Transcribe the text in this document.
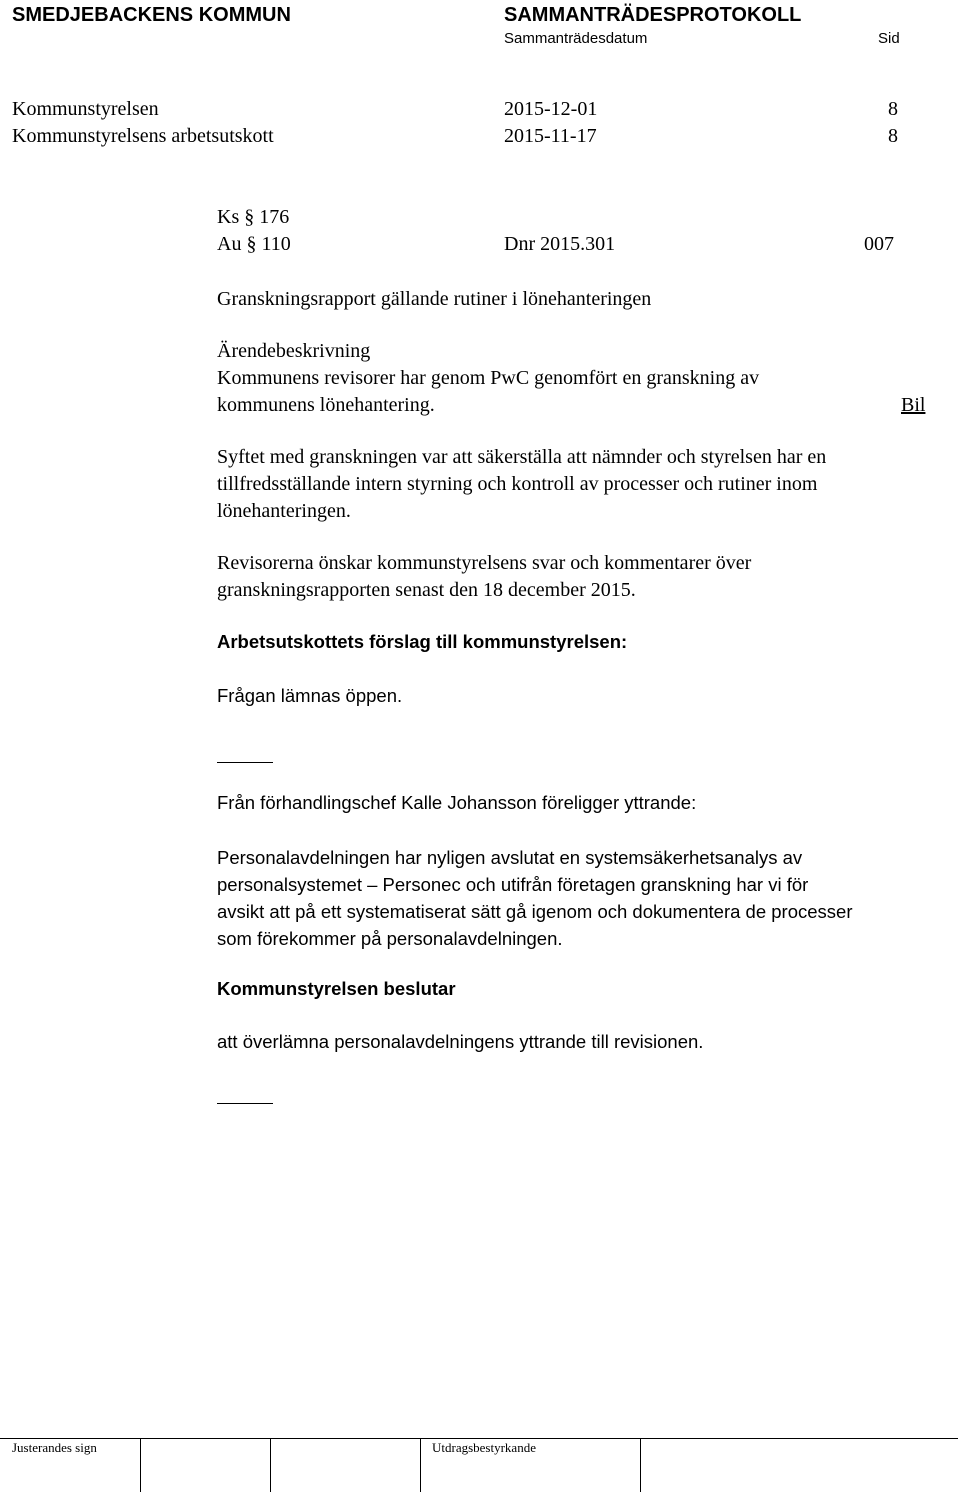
SMEDJEBACKENS KOMMUN	SAMMANTRÄDESPROTOKOLL
Sammanträdesdatum	Sid
Kommunstyrelsen	2015-12-01	8
Kommunstyrelsens arbetsutskott	2015-11-17	8
Ks § 176
Au § 110	Dnr 2015.301	007
Granskningsrapport gällande rutiner i lönehanteringen
Ärendebeskrivning
Kommunens revisorer har genom PwC genomfört en granskning av
kommunens lönehantering.	Bil
Syftet med granskningen var att säkerställa att nämnder och styrelsen har en
tillfredsställande intern styrning och kontroll av processer och rutiner inom
lönehanteringen.
Revisorerna önskar kommunstyrelsens svar och kommentarer över
granskningsrapporten senast den 18 december 2015.
Arbetsutskottets förslag till kommunstyrelsen:
Frågan lämnas öppen.
Från förhandlingschef Kalle Johansson föreligger yttrande:
Personalavdelningen har nyligen avslutat en systemsäkerhetsanalys av
personalsystemet – Personec och utifrån företagen granskning har vi för
avsikt att på ett systematiserat sätt gå igenom och dokumentera de processer
som förekommer på personalavdelningen.
Kommunstyrelsen beslutar
att överlämna personalavdelningens yttrande till revisionen.
Justerandes sign	Utdragsbestyrkande
